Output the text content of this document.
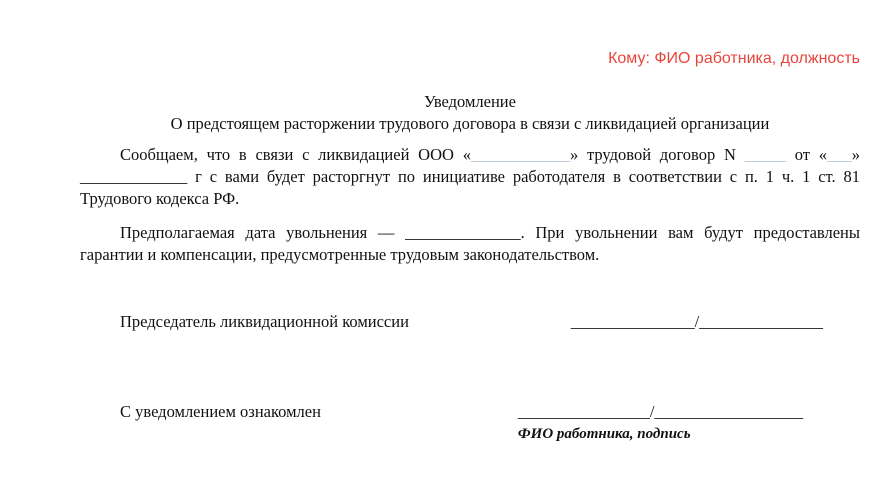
Кому: ФИО работника, должность
Уведомление
О предстоящем расторжении трудового договора в связи с ликвидацией организации

Сообщаем, что в связи с ликвидацией ООО «____________» трудовой договор N _____ от «___» _____________ г с вами будет расторгнут по инициативе работодателя в соответствии с п. 1 ч. 1 ст. 81 Трудового кодекса РФ.

Предполагаемая дата увольнения — ______________. При увольнении вам будут предоставлены гарантии и компенсации, предусмотренные трудовым законодательством.

Председатель ликвидационной комиссии	_______________/_______________
С уведомлением ознакомлен	________________/__________________
ФИО работника, подпись
